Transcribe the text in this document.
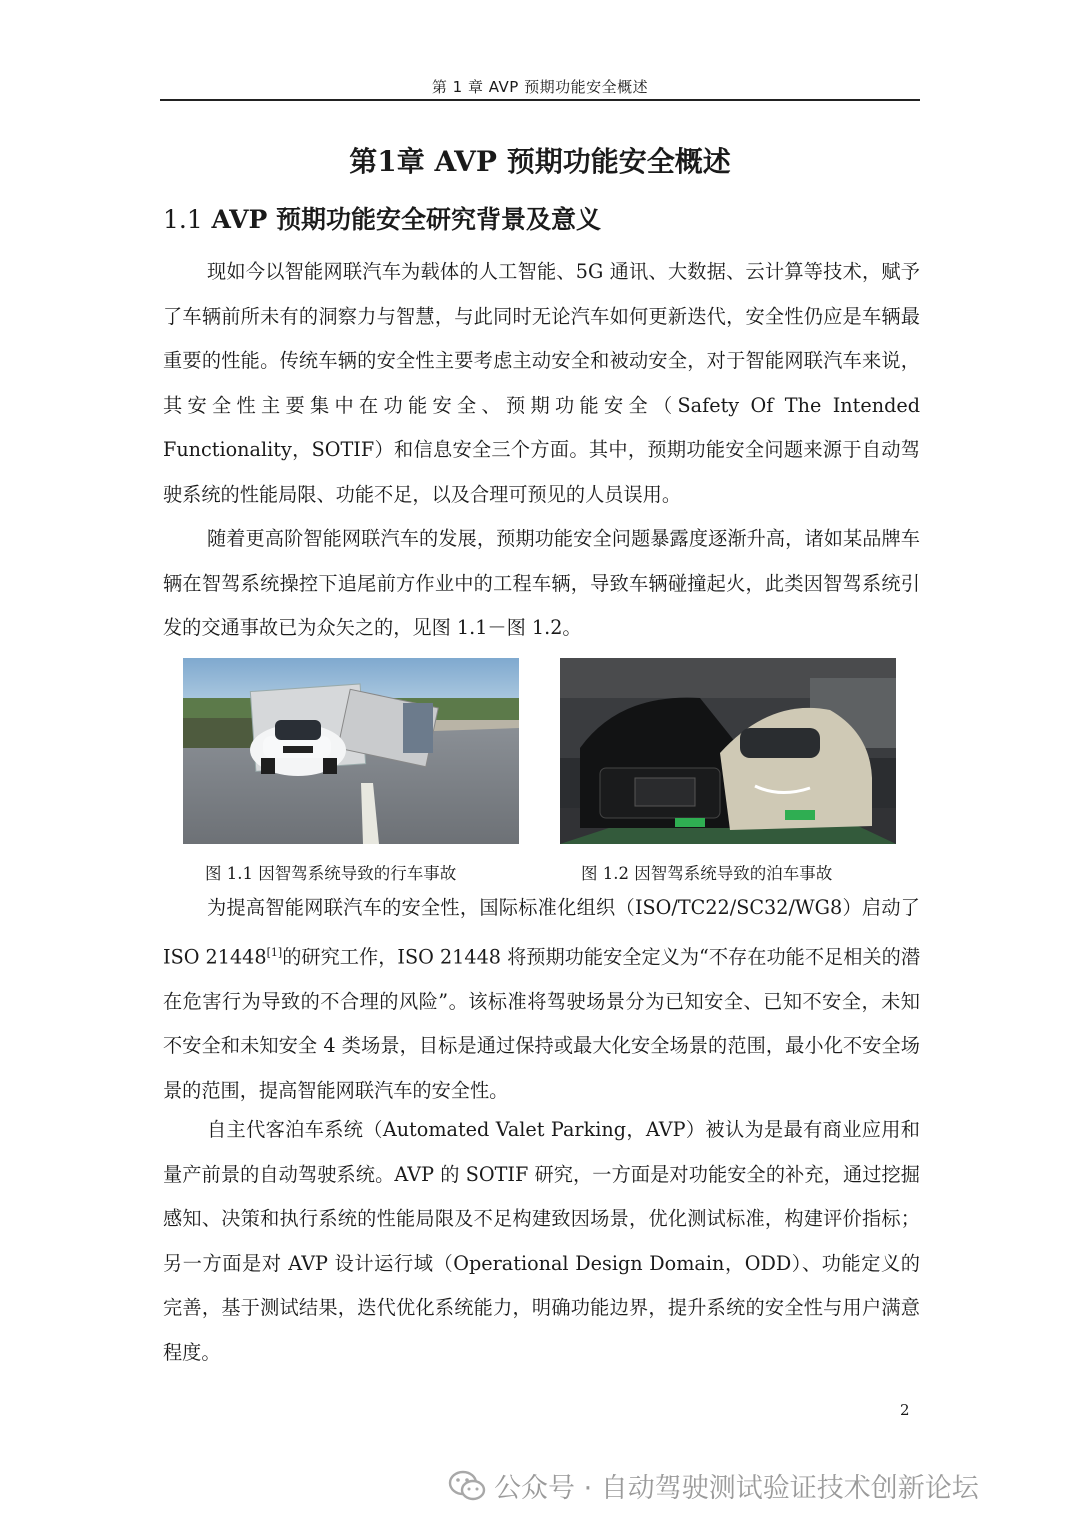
第 1 章 AVP 预期功能安全概述
第1章 AVP 预期功能安全概述
1.1 AVP 预期功能安全研究背景及意义

现如今以智能网联汽车为载体的人工智能、5G 通讯、大数据、云计算等技术，赋予了车辆前所未有的洞察力与智慧，与此同时无论汽车如何更新迭代，安全性仍应是车辆最重要的性能。传统车辆的安全性主要考虑主动安全和被动安全，对于智能网联汽车来说，其安全性主要集中在功能安全、预期功能安全（Safety Of The Intended Functionality，SOTIF）和信息安全三个方面。其中，预期功能安全问题来源于自动驾驶系统的性能局限、功能不足，以及合理可预见的人员误用。

随着更高阶智能网联汽车的发展，预期功能安全问题暴露度逐渐升高，诸如某品牌车辆在智驾系统操控下追尾前方作业中的工程车辆，导致车辆碰撞起火，此类因智驾系统引发的交通事故已为众矢之的，见图 1.1－图 1.2。

图 1.1 因智驾系统导致的行车事故	图 1.2 因智驾系统导致的泊车事故

为提高智能网联汽车的安全性，国际标准化组织（ISO/TC22/SC32/WG8）启动了 ISO 21448[1]的研究工作，ISO 21448 将预期功能安全定义为“不存在功能不足相关的潜在危害行为导致的不合理的风险”。该标准将驾驶场景分为已知安全、已知不安全，未知不安全和未知安全 4 类场景，目标是通过保持或最大化安全场景的范围，最小化不安全场景的范围，提高智能网联汽车的安全性。

自主代客泊车系统（Automated Valet Parking，AVP）被认为是最有商业应用和量产前景的自动驾驶系统。AVP 的 SOTIF 研究，一方面是对功能安全的补充，通过挖掘感知、决策和执行系统的性能局限及不足构建致因场景，优化测试标准，构建评价指标；另一方面是对 AVP 设计运行域（Operational Design Domain，ODD）、功能定义的完善，基于测试结果，迭代优化系统能力，明确功能边界，提升系统的安全性与用户满意程度。

2
公众号 · 自动驾驶测试验证技术创新论坛
